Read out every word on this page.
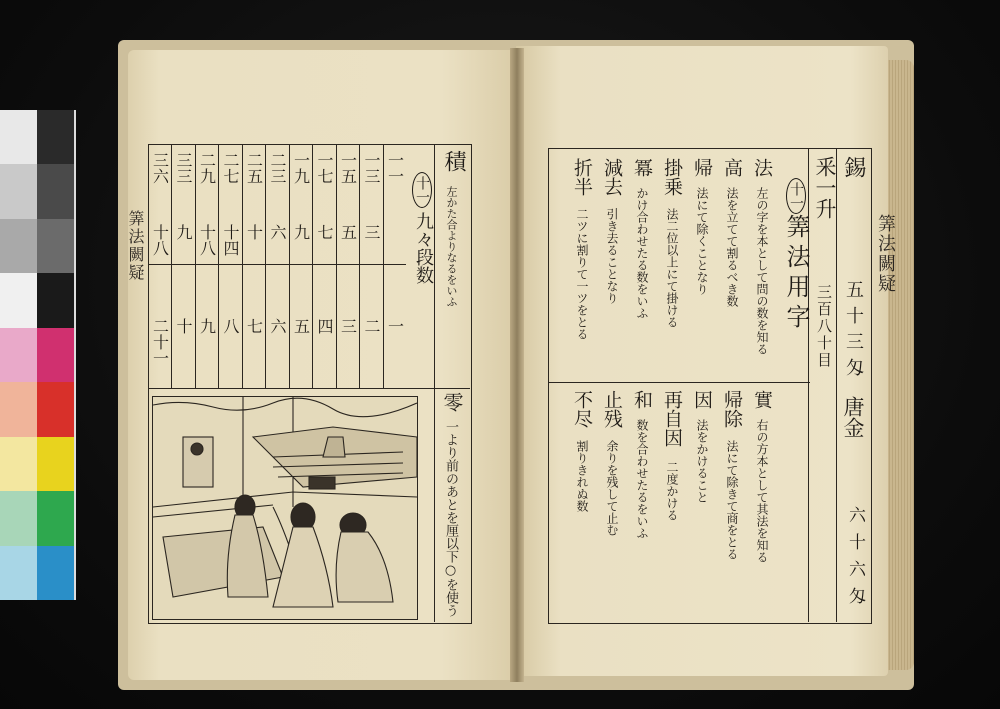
積
十一
九々段数 左かた合よりなるをいふ
一一
一
一三
三
二
一五
五
三
一七
七
四
一九
九
五
二三
六
六
二五
十
七
二七
十四
八
二九
十八
九
三三
九
十
三六
十八
二十一
零
一より前のあとを厘以下○を使う
錫
五十三匁
唐金
六十六匁
釆一升
三百八十目
十一
筭法用字
法
左の字を本として問の数を知る
高
法を立てて割るべき数
帰
法にて除くことなり
掛乗
法二位以上にて掛ける
冪
かけ合わせたる数をいふ
減去
引き去ることなり
折半
二ツに割りて一ツをとる
實
右の方本として其法を知る
帰除
法にて除きて商をとる
因
法をかけること
再自因
二度かける
和
数を合わせたるをいふ
止残
余りを残して止む
不尽
割りきれぬ数
筭法闕疑
筭法闕疑
